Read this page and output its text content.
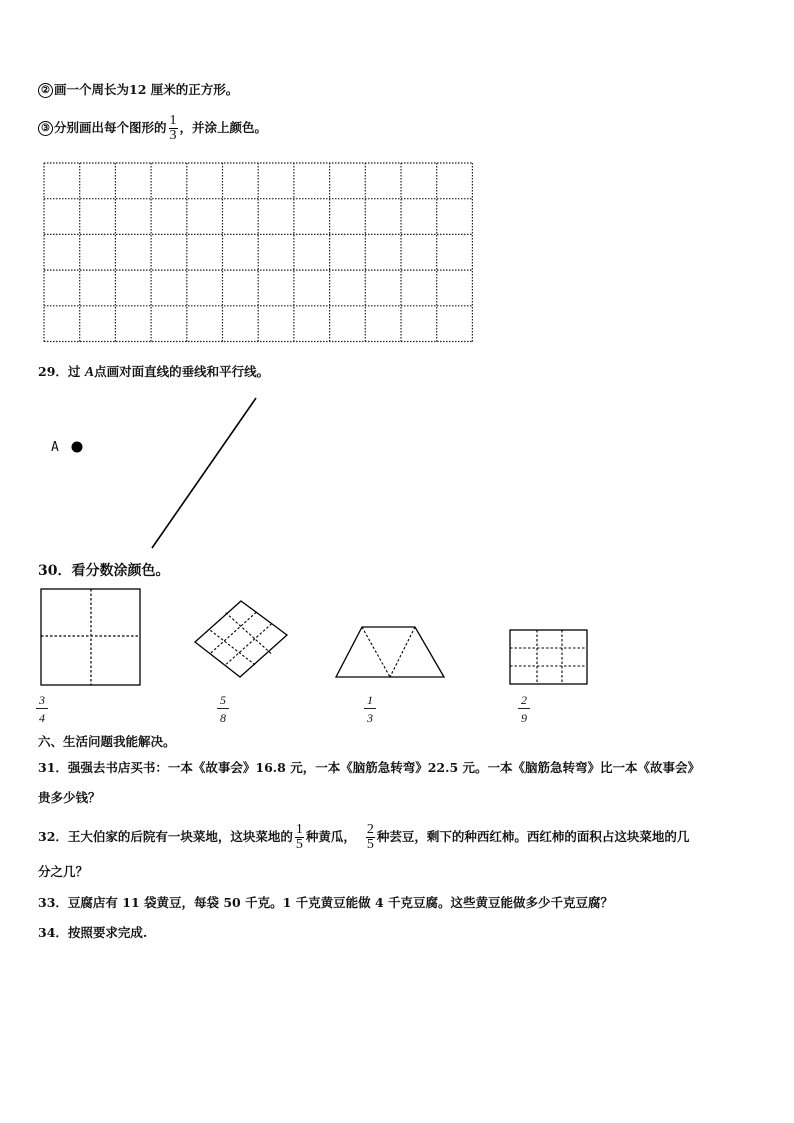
② 画一个周长为12 厘米的正方形。
③ 分别画出每个图形的 $\frac{1}{3}$ ，并涂上颜色。
29．过 A点画对面直线的垂线和平行线。
A
30．看分数涂颜色。
$\frac{3}{4}$	$\frac{5}{8}$	$\frac{1}{3}$	$\frac{2}{9}$
六、生活问题我能解决。
31．强强去书店买书：一本《故事会》16.8 元，一本《脑筋急转弯》22.5 元。一本《脑筋急转弯》比一本《故事会》
贵多少钱？
32．王大伯家的后院有一块菜地，这块菜地的 $\frac{1}{5}$ 种黄瓜， $\frac{2}{5}$ 种芸豆，剩下的种西红柿。西红柿的面积占这块菜地的几
分之几？
33．豆腐店有 11 袋黄豆，每袋 50 千克。1 千克黄豆能做 4 千克豆腐。这些黄豆能做多少千克豆腐？
34．按照要求完成.
